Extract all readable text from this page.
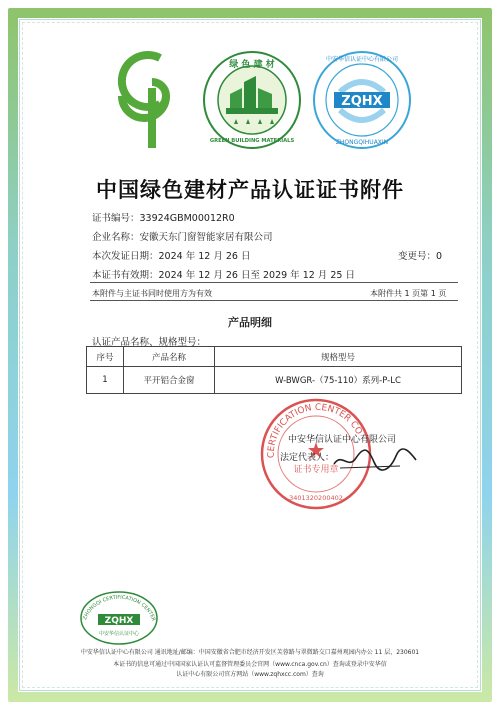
CGP
绿 色 建 材
GREEN BUILDING MATERIALS
ZQHX
中安华信认证中心有限公司
ZHONGQIHUAXIN
中国绿色建材产品认证证书附件
证书编号：33924GBM00012R0
企业名称：安徽天东门窗智能家居有限公司
本次发证日期：2024 年 12 月 26 日	变更号：0
本证书有效期：2024 年 12 月 26 日至 2029 年 12 月 25 日
本附件与主证书同时使用方为有效	本附件共 1 页第 1 页
产品明细
认证产品名称、规格型号：
序号	产品名称	规格型号
1	平开铝合金窗	W-BWGR-（75-110）系列-P-LC
CERTIFICATION CENTER CO
证书专用章
3401320200402
中安华信认证中心有限公司
法定代表人：
ZHONGQI CERTIFICATION CENTER
ZQHX
中安华信认证中心
中安华信认证中心有限公司 通讯地址/邮编：中国安徽省合肥市经济开发区芙蓉路与翠微路交口嘉州观园内办公 11 层，230601
本证书的信息可通过中国国家认证认可监督管理委员会官网（www.cnca.gov.cn）查询或登录中安华信
认证中心有限公司官方网站（www.zqhxcc.com）查询
